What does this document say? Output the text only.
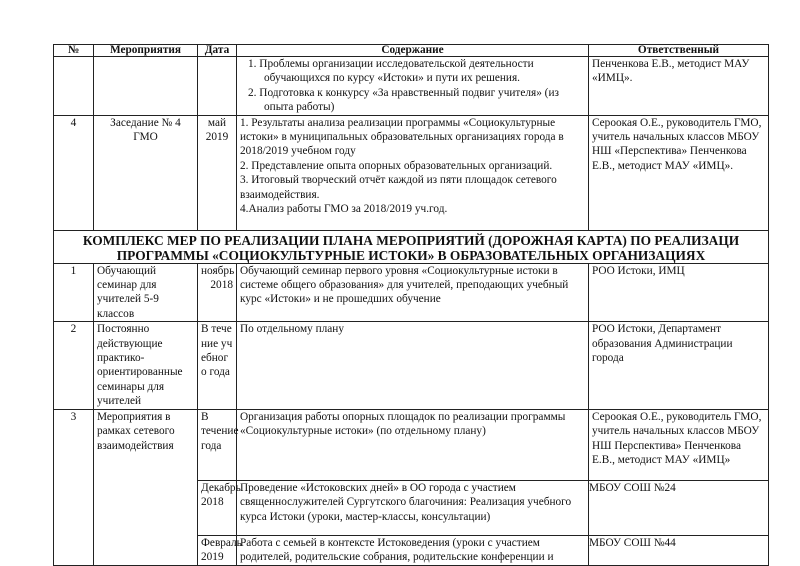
№	Мероприятия	Дата	Содержание	Ответственный

			1. Проблемы организации исследовательской деятельности
обучающихся по курсу «Истоки» и пути их решения.
2. Подготовка к конкурсу «За нравственный подвиг учителя» (из
опыта работы)	Пенченкова Е.В., методист МАУ «ИМЦ».
4	Заседание № 4 ГМО	май 2019	1. Результаты анализа реализации программы «Социокультурные истоки» в муниципальных образовательных организациях города в 2018/2019 учебном году
2. Представление опыта опорных образовательных организаций.
3. Итоговый творческий отчёт каждой из пяти площадок сетевого взаимодействия.
4.Анализ работы ГМО за 2018/2019 уч.год.	Сероокая О.Е., руководитель ГМО, учитель начальных классов МБОУ НШ «Перспектива» Пенченкова Е.В., методист МАУ «ИМЦ».
КОМПЛЕКС МЕР ПО РЕАЛИЗАЦИИ ПЛАНА МЕРОПРИЯТИЙ (ДОРОЖНАЯ КАРТА) ПО РЕАЛИЗАЦИ ПРОГРАММЫ «СОЦИОКУЛЬТУРНЫЕ ИСТОКИ» В ОБРАЗОВАТЕЛЬНЫХ ОРГАНИЗАЦИЯХ				
1	Обучающий семинар для учителей 5-9 классов	ноябрь 2018	Обучающий семинар первого уровня «Социокультурные истоки в системе общего образования» для учителей, преподающих учебный курс «Истоки» и не прошедших обучение	РОО Истоки, ИМЦ
2	Постоянно действующие практико-ориентированные семинары для учителей	В течение учебного года	По отдельному плану	РОО Истоки, Департамент образования Администрации города
3	Мероприятия в рамках сетевого взаимодействия	В течение года	Организация работы опорных площадок по реализации программы «Социокультурные истоки» (по отдельному плану)	Сероокая О.Е., руководитель ГМО, учитель начальных классов МБОУ НШ Перспектива» Пенченкова Е.В., методист МАУ «ИМЦ»
		Декабрь 2018	Проведение «Истоковских дней» в ОО города с участием священнослужителей Сургутского благочиния: Реализация учебного курса Истоки (уроки, мастер-классы, консультации)	МБОУ СОШ №24
		Февраль 2019	Работа с семьей в контексте Истоковедения (уроки с участием родителей, родительские собрания, родительские конференции и	МБОУ СОШ №44
